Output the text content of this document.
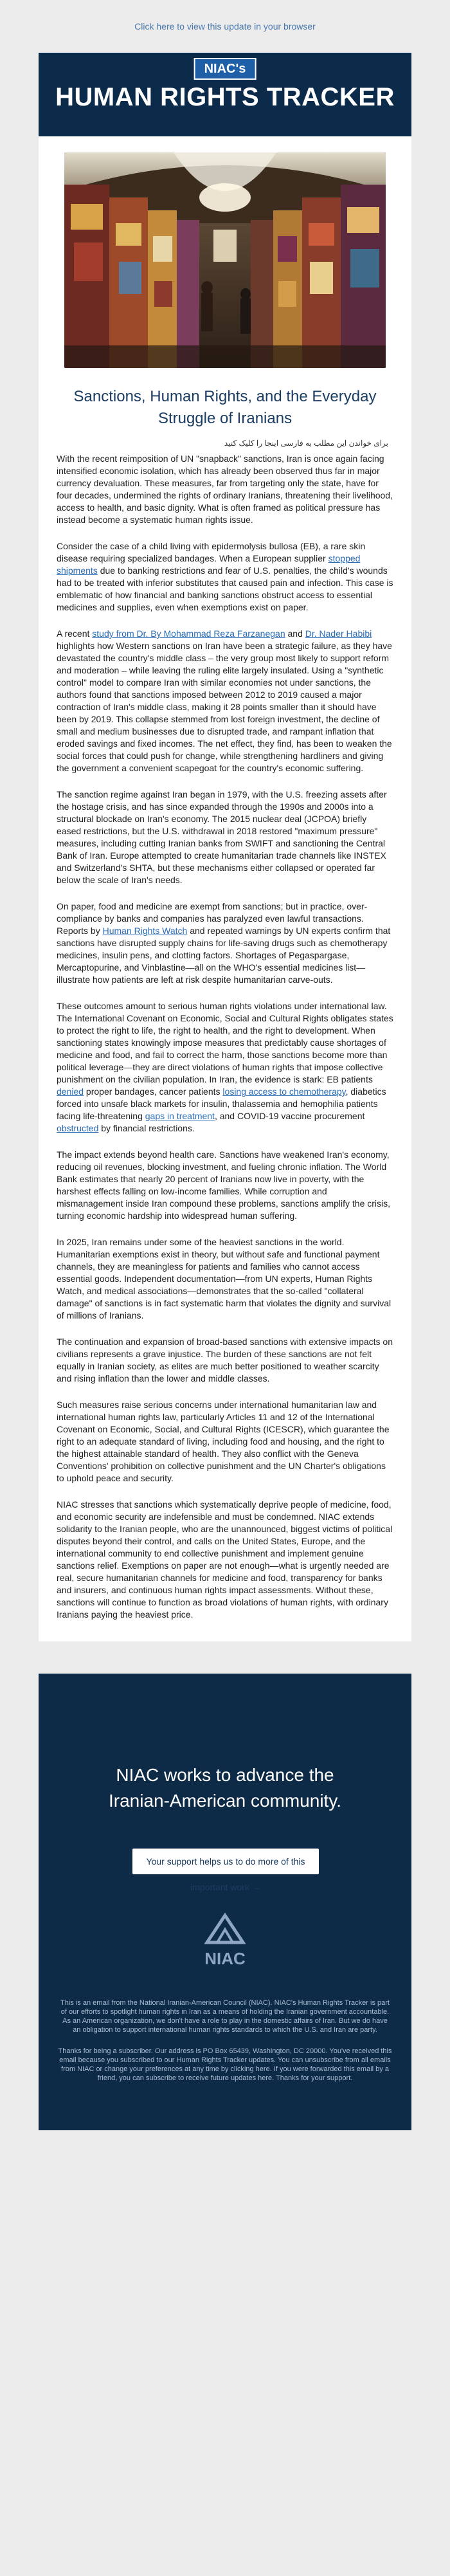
Click here to view this update in your browser
NIAC's
HUMAN RIGHTS TRACKER
Sanctions, Human Rights, and the Everyday Struggle of Iranians
برای خواندن این مطلب به فارسی اینجا را کلیک کنید

With the recent reimposition of UN "snapback" sanctions, Iran is once again facing intensified economic isolation, which has already been observed thus far in major currency devaluation. These measures, far from targeting only the state, have for four decades, undermined the rights of ordinary Iranians, threatening their livelihood, access to health, and basic dignity. What is often framed as political pressure has instead become a systematic human rights issue.

Consider the case of a child living with epidermolysis bullosa (EB), a rare skin disease requiring specialized bandages. When a European supplier stopped shipments due to banking restrictions and fear of U.S. penalties, the child's wounds had to be treated with inferior substitutes that caused pain and infection. This case is emblematic of how financial and banking sanctions obstruct access to essential medicines and supplies, even when exemptions exist on paper.

A recent study from Dr. By Mohammad Reza Farzanegan and Dr. Nader Habibi highlights how Western sanctions on Iran have been a strategic failure, as they have devastated the country's middle class – the very group most likely to support reform and moderation – while leaving the ruling elite largely insulated. Using a "synthetic control" model to compare Iran with similar economies not under sanctions, the authors found that sanctions imposed between 2012 to 2019 caused a major contraction of Iran's middle class, making it 28 points smaller than it should have been by 2019. This collapse stemmed from lost foreign investment, the decline of small and medium businesses due to disrupted trade, and rampant inflation that eroded savings and fixed incomes. The net effect, they find, has been to weaken the social forces that could push for change, while strengthening hardliners and giving the government a convenient scapegoat for the country's economic suffering.

The sanction regime against Iran began in 1979, with the U.S. freezing assets after the hostage crisis, and has since expanded through the 1990s and 2000s into a structural blockade on Iran's economy. The 2015 nuclear deal (JCPOA) briefly eased restrictions, but the U.S. withdrawal in 2018 restored "maximum pressure" measures, including cutting Iranian banks from SWIFT and sanctioning the Central Bank of Iran. Europe attempted to create humanitarian trade channels like INSTEX and Switzerland's SHTA, but these mechanisms either collapsed or operated far below the scale of Iran's needs.

On paper, food and medicine are exempt from sanctions; but in practice, over-compliance by banks and companies has paralyzed even lawful transactions. Reports by Human Rights Watch and repeated warnings by UN experts confirm that sanctions have disrupted supply chains for life-saving drugs such as chemotherapy medicines, insulin pens, and clotting factors. Shortages of Pegaspargase, Mercaptopurine, and Vinblastine—all on the WHO's essential medicines list—illustrate how patients are left at risk despite humanitarian carve-outs.

These outcomes amount to serious human rights violations under international law. The International Covenant on Economic, Social and Cultural Rights obligates states to protect the right to life, the right to health, and the right to development. When sanctioning states knowingly impose measures that predictably cause shortages of medicine and food, and fail to correct the harm, those sanctions become more than political leverage—they are direct violations of human rights that impose collective punishment on the civilian population. In Iran, the evidence is stark: EB patients denied proper bandages, cancer patients losing access to chemotherapy, diabetics forced into unsafe black markets for insulin, thalassemia and hemophilia patients facing life-threatening gaps in treatment, and COVID-19 vaccine procurement obstructed by financial restrictions.

The impact extends beyond health care. Sanctions have weakened Iran's economy, reducing oil revenues, blocking investment, and fueling chronic inflation. The World Bank estimates that nearly 20 percent of Iranians now live in poverty, with the harshest effects falling on low-income families. While corruption and mismanagement inside Iran compound these problems, sanctions amplify the crisis, turning economic hardship into widespread human suffering.

In 2025, Iran remains under some of the heaviest sanctions in the world. Humanitarian exemptions exist in theory, but without safe and functional payment channels, they are meaningless for patients and families who cannot access essential goods. Independent documentation—from UN experts, Human Rights Watch, and medical associations—demonstrates that the so-called "collateral damage" of sanctions is in fact systematic harm that violates the dignity and survival of millions of Iranians.

The continuation and expansion of broad-based sanctions with extensive impacts on civilians represents a grave injustice. The burden of these sanctions are not felt equally in Iranian society, as elites are much better positioned to weather scarcity and rising inflation than the lower and middle classes.

Such measures raise serious concerns under international humanitarian law and international human rights law, particularly Articles 11 and 12 of the International Covenant on Economic, Social, and Cultural Rights (ICESCR), which guarantee the right to an adequate standard of living, including food and housing, and the right to the highest attainable standard of health. They also conflict with the Geneva Conventions' prohibition on collective punishment and the UN Charter's obligations to uphold peace and security.

NIAC stresses that sanctions which systematically deprive people of medicine, food, and economic security are indefensible and must be condemned. NIAC extends solidarity to the Iranian people, who are the unannounced, biggest victims of political disputes beyond their control, and calls on the United States, Europe, and the international community to end collective punishment and implement genuine sanctions relief. Exemptions on paper are not enough—what is urgently needed are real, secure humanitarian channels for medicine and food, transparency for banks and insurers, and continuous human rights impact assessments. Without these, sanctions will continue to function as broad violations of human rights, with ordinary Iranians paying the heaviest price.

NIAC works to advance the
Iranian-American community.
Your support helps us to do more of this important work →
NIAC
This is an email from the National Iranian-American Council (NIAC). NIAC's Human Rights Tracker is part of our efforts to spotlight human rights in Iran as a means of holding the Iranian government accountable. As an American organization, we don't have a role to play in the domestic affairs of Iran. But we do have an obligation to support international human rights standards to which the U.S. and Iran are party.
Thanks for being a subscriber. Our address is PO Box 65439, Washington, DC 20000. You've received this email because you subscribed to our Human Rights Tracker updates. You can unsubscribe from all emails from NIAC or change your preferences at any time by clicking here. If you were forwarded this email by a friend, you can subscribe to receive future updates here. Thanks for your support.
